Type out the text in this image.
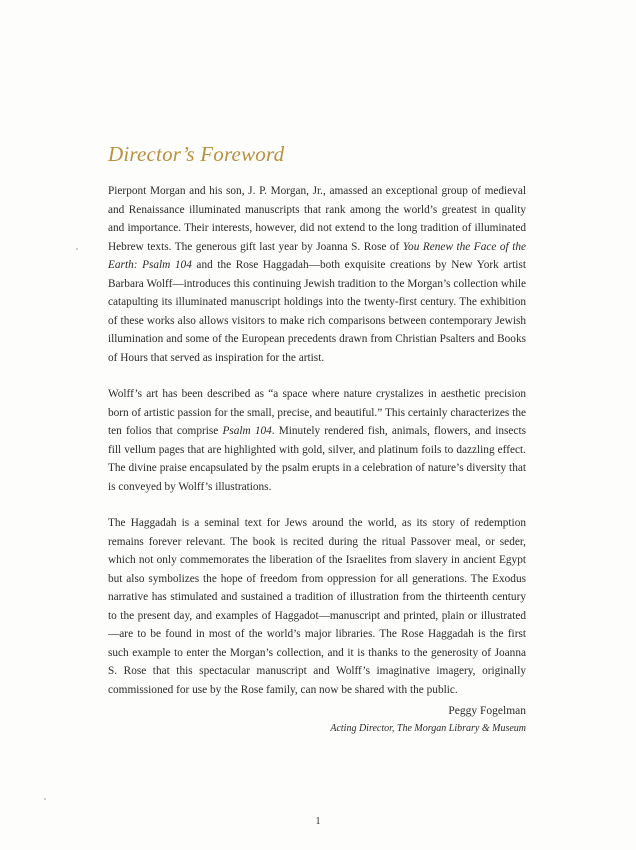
Director’s Foreword

Pierpont Morgan and his son, J. P. Morgan, Jr., amassed an exceptional group of medieval and Renaissance illuminated manuscripts that rank among the world’s greatest in quality and importance. Their interests, however, did not extend to the long tradition of illuminated Hebrew texts. The generous gift last year by Joanna S. Rose of You Renew the Face of the Earth: Psalm 104 and the Rose Haggadah—both exquisite creations by New York artist Barbara Wolff—introduces this continuing Jewish tradition to the Morgan’s collection while catapulting its illuminated manuscript holdings into the twenty-first century. The exhibition of these works also allows visitors to make rich comparisons between contemporary Jewish illumination and some of the European precedents drawn from Christian Psalters and Books of Hours that served as inspiration for the artist.

Wolff’s art has been described as “a space where nature crystalizes in aesthetic precision born of artistic passion for the small, precise, and beautiful.” This certainly characterizes the ten folios that comprise Psalm 104. Minutely rendered fish, animals, flowers, and insects fill vellum pages that are highlighted with gold, silver, and platinum foils to dazzling effect. The divine praise encapsulated by the psalm erupts in a celebration of nature’s diversity that is conveyed by Wolff’s illustrations.

The Haggadah is a seminal text for Jews around the world, as its story of redemption remains forever relevant. The book is recited during the ritual Passover meal, or seder, which not only commemorates the liberation of the Israelites from slavery in ancient Egypt but also symbolizes the hope of freedom from oppression for all generations. The Exodus narrative has stimulated and sustained a tradition of illustration from the thirteenth century to the present day, and examples of Haggadot—manuscript and printed, plain or illustrated—are to be found in most of the world’s major libraries. The Rose Haggadah is the first such example to enter the Morgan’s collection, and it is thanks to the generosity of Joanna S. Rose that this spectacular manuscript and Wolff’s imaginative imagery, originally commissioned for use by the Rose family, can now be shared with the public.

Peggy Fogelman
Acting Director, The Morgan Library & Museum
1
